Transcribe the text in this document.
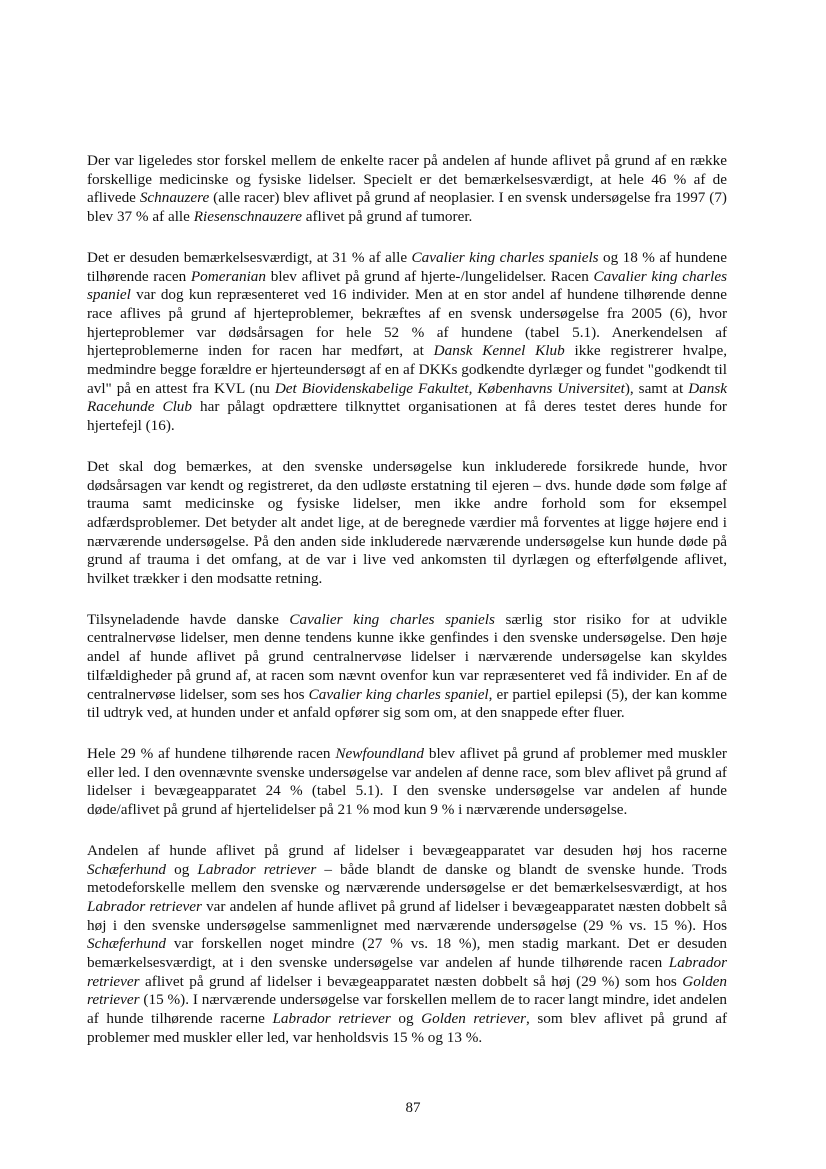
Der var ligeledes stor forskel mellem de enkelte racer på andelen af hunde aflivet på grund af en række forskellige medicinske og fysiske lidelser. Specielt er det bemærkelsesværdigt, at hele 46 % af de aflivede Schnauzere (alle racer) blev aflivet på grund af neoplasier. I en svensk undersøgelse fra 1997 (7) blev 37 % af alle Riesenschnauzere aflivet på grund af tumorer.

Det er desuden bemærkelsesværdigt, at 31 % af alle Cavalier king charles spaniels og 18 % af hundene tilhørende racen Pomeranian blev aflivet på grund af hjerte-/lungelidelser. Racen Cavalier king charles spaniel var dog kun repræsenteret ved 16 individer. Men at en stor andel af hundene tilhørende denne race aflives på grund af hjerteproblemer, bekræftes af en svensk undersøgelse fra 2005 (6), hvor hjerteproblemer var dødsårsagen for hele 52 % af hundene (tabel 5.1). Anerkendelsen af hjerteproblemerne inden for racen har medført, at Dansk Kennel Klub ikke registrerer hvalpe, medmindre begge forældre er hjerteundersøgt af en af DKKs godkendte dyrlæger og fundet "godkendt til avl" på en attest fra KVL (nu Det Biovidenskabelige Fakultet, Københavns Universitet), samt at Dansk Racehunde Club har pålagt opdrættere tilknyttet organisationen at få deres testet deres hunde for hjertefejl (16).

Det skal dog bemærkes, at den svenske undersøgelse kun inkluderede forsikrede hunde, hvor dødsårsagen var kendt og registreret, da den udløste erstatning til ejeren – dvs. hunde døde som følge af trauma samt medicinske og fysiske lidelser, men ikke andre forhold som for eksempel adfærdsproblemer. Det betyder alt andet lige, at de beregnede værdier må forventes at ligge højere end i nærværende undersøgelse. På den anden side inkluderede nærværende undersøgelse kun hunde døde på grund af trauma i det omfang, at de var i live ved ankomsten til dyrlægen og efterfølgende aflivet, hvilket trækker i den modsatte retning.

Tilsyneladende havde danske Cavalier king charles spaniels særlig stor risiko for at udvikle centralnervøse lidelser, men denne tendens kunne ikke genfindes i den svenske undersøgelse. Den høje andel af hunde aflivet på grund centralnervøse lidelser i nærværende undersøgelse kan skyldes tilfældigheder på grund af, at racen som nævnt ovenfor kun var repræsenteret ved få individer. En af de centralnervøse lidelser, som ses hos Cavalier king charles spaniel, er partiel epilepsi (5), der kan komme til udtryk ved, at hunden under et anfald opfører sig som om, at den snappede efter fluer.

Hele 29 % af hundene tilhørende racen Newfoundland blev aflivet på grund af problemer med muskler eller led. I den ovennævnte svenske undersøgelse var andelen af denne race, som blev aflivet på grund af lidelser i bevægeapparatet 24 % (tabel 5.1). I den svenske undersøgelse var andelen af hunde døde/aflivet på grund af hjertelidelser på 21 % mod kun 9 % i nærværende undersøgelse.

Andelen af hunde aflivet på grund af lidelser i bevægeapparatet var desuden høj hos racerne Schæferhund og Labrador retriever – både blandt de danske og blandt de svenske hunde. Trods metodeforskelle mellem den svenske og nærværende undersøgelse er det bemærkelsesværdigt, at hos Labrador retriever var andelen af hunde aflivet på grund af lidelser i bevægeapparatet næsten dobbelt så høj i den svenske undersøgelse sammenlignet med nærværende undersøgelse (29 % vs. 15 %). Hos Schæferhund var forskellen noget mindre (27 % vs. 18 %), men stadig markant. Det er desuden bemærkelsesværdigt, at i den svenske undersøgelse var andelen af hunde tilhørende racen Labrador retriever aflivet på grund af lidelser i bevægeapparatet næsten dobbelt så høj (29 %) som hos Golden retriever (15 %). I nærværende undersøgelse var forskellen mellem de to racer langt mindre, idet andelen af hunde tilhørende racerne Labrador retriever og Golden retriever, som blev aflivet på grund af problemer med muskler eller led, var henholdsvis 15 % og 13 %.

87
